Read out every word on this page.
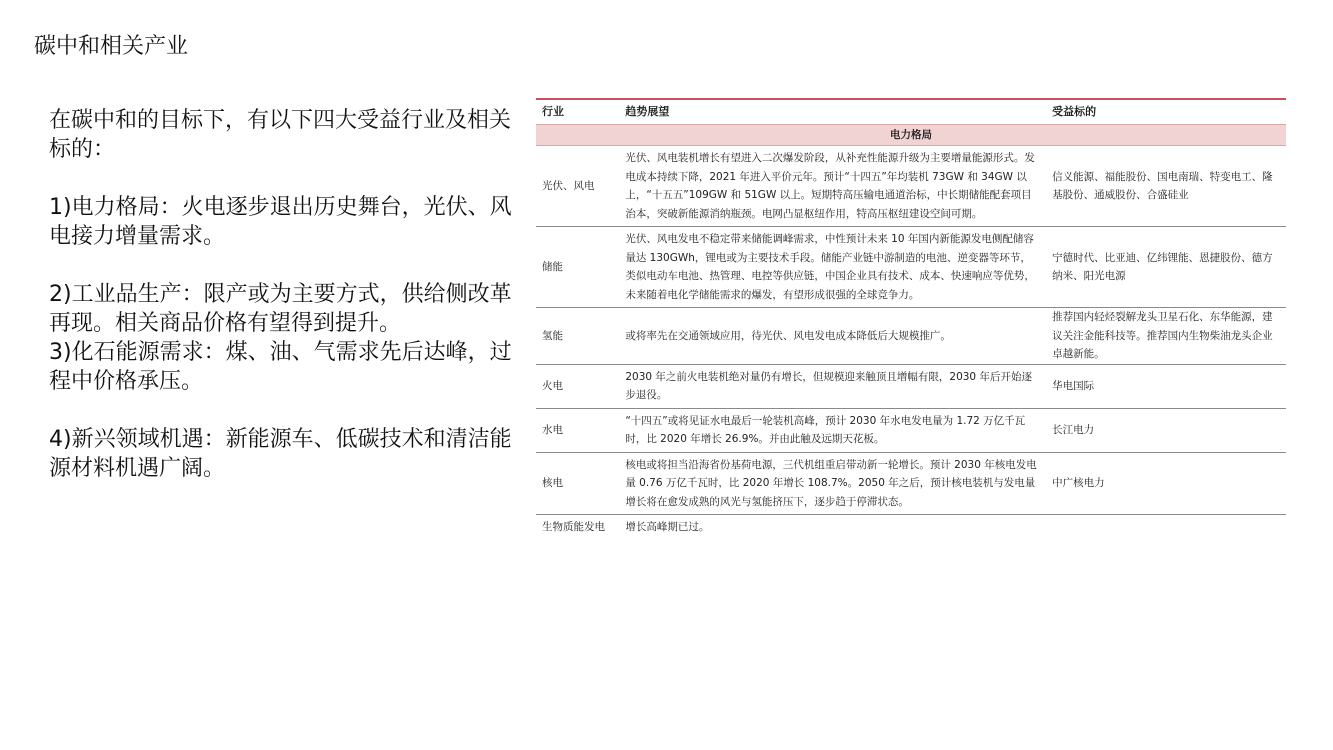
碳中和相关产业

在碳中和的目标下，有以下四大受益行业及相关标的：

1)电力格局：火电逐步退出历史舞台，光伏、风电接力增量需求。

2)工业品生产：限产或为主要方式，供给侧改革再现。相关商品价格有望得到提升。

3)化石能源需求：煤、油、气需求先后达峰，过程中价格承压。

4)新兴领域机遇：新能源车、低碳技术和清洁能源材料机遇广阔。

行业	趋势展望	受益标的
电力格局		
光伏、风电	光伏、风电装机增长有望进入二次爆发阶段，从补充性能源升级为主要增量能源形式。发电成本持续下降，2021 年进入平价元年。预计“十四五”年均装机 73GW 和 34GW 以上，“十五五”109GW 和 51GW 以上。短期特高压输电通道治标，中长期储能配套项目治本，突破新能源消纳瓶颈。电网凸显枢纽作用，特高压枢纽建设空间可期。	信义能源、福能股份、国电南瑞、特变电工、隆基股份、通威股份、合盛硅业
储能	光伏、风电发电不稳定带来储能调峰需求，中性预计未来 10 年国内新能源发电侧配储容量达 130GWh，锂电或为主要技术手段。储能产业链中游制造的电池、逆变器等环节，类似电动车电池、热管理、电控等供应链，中国企业具有技术、成本、快速响应等优势，未来随着电化学储能需求的爆发，有望形成很强的全球竞争力。	宁德时代、比亚迪、亿纬锂能、恩捷股份、德方纳米、阳光电源
氢能	或将率先在交通领域应用，待光伏、风电发电成本降低后大规模推广。	推荐国内轻烃裂解龙头卫星石化、东华能源，建议关注金能科技等。推荐国内生物柴油龙头企业卓越新能。
火电	2030 年之前火电装机绝对量仍有增长，但规模迎来触顶且增幅有限，2030 年后开始逐步退役。	华电国际
水电	“十四五”或将见证水电最后一轮装机高峰，预计 2030 年水电发电量为 1.72 万亿千瓦时，比 2020 年增长 26.9%。并由此触及远期天花板。	长江电力
核电	核电或将担当沿海省份基荷电源，三代机组重启带动新一轮增长。预计 2030 年核电发电量 0.76 万亿千瓦时，比 2020 年增长 108.7%。2050 年之后，预计核电装机与发电量增长将在愈发成熟的风光与氢能挤压下，逐步趋于停滞状态。	中广核电力
生物质能发电	增长高峰期已过。	
